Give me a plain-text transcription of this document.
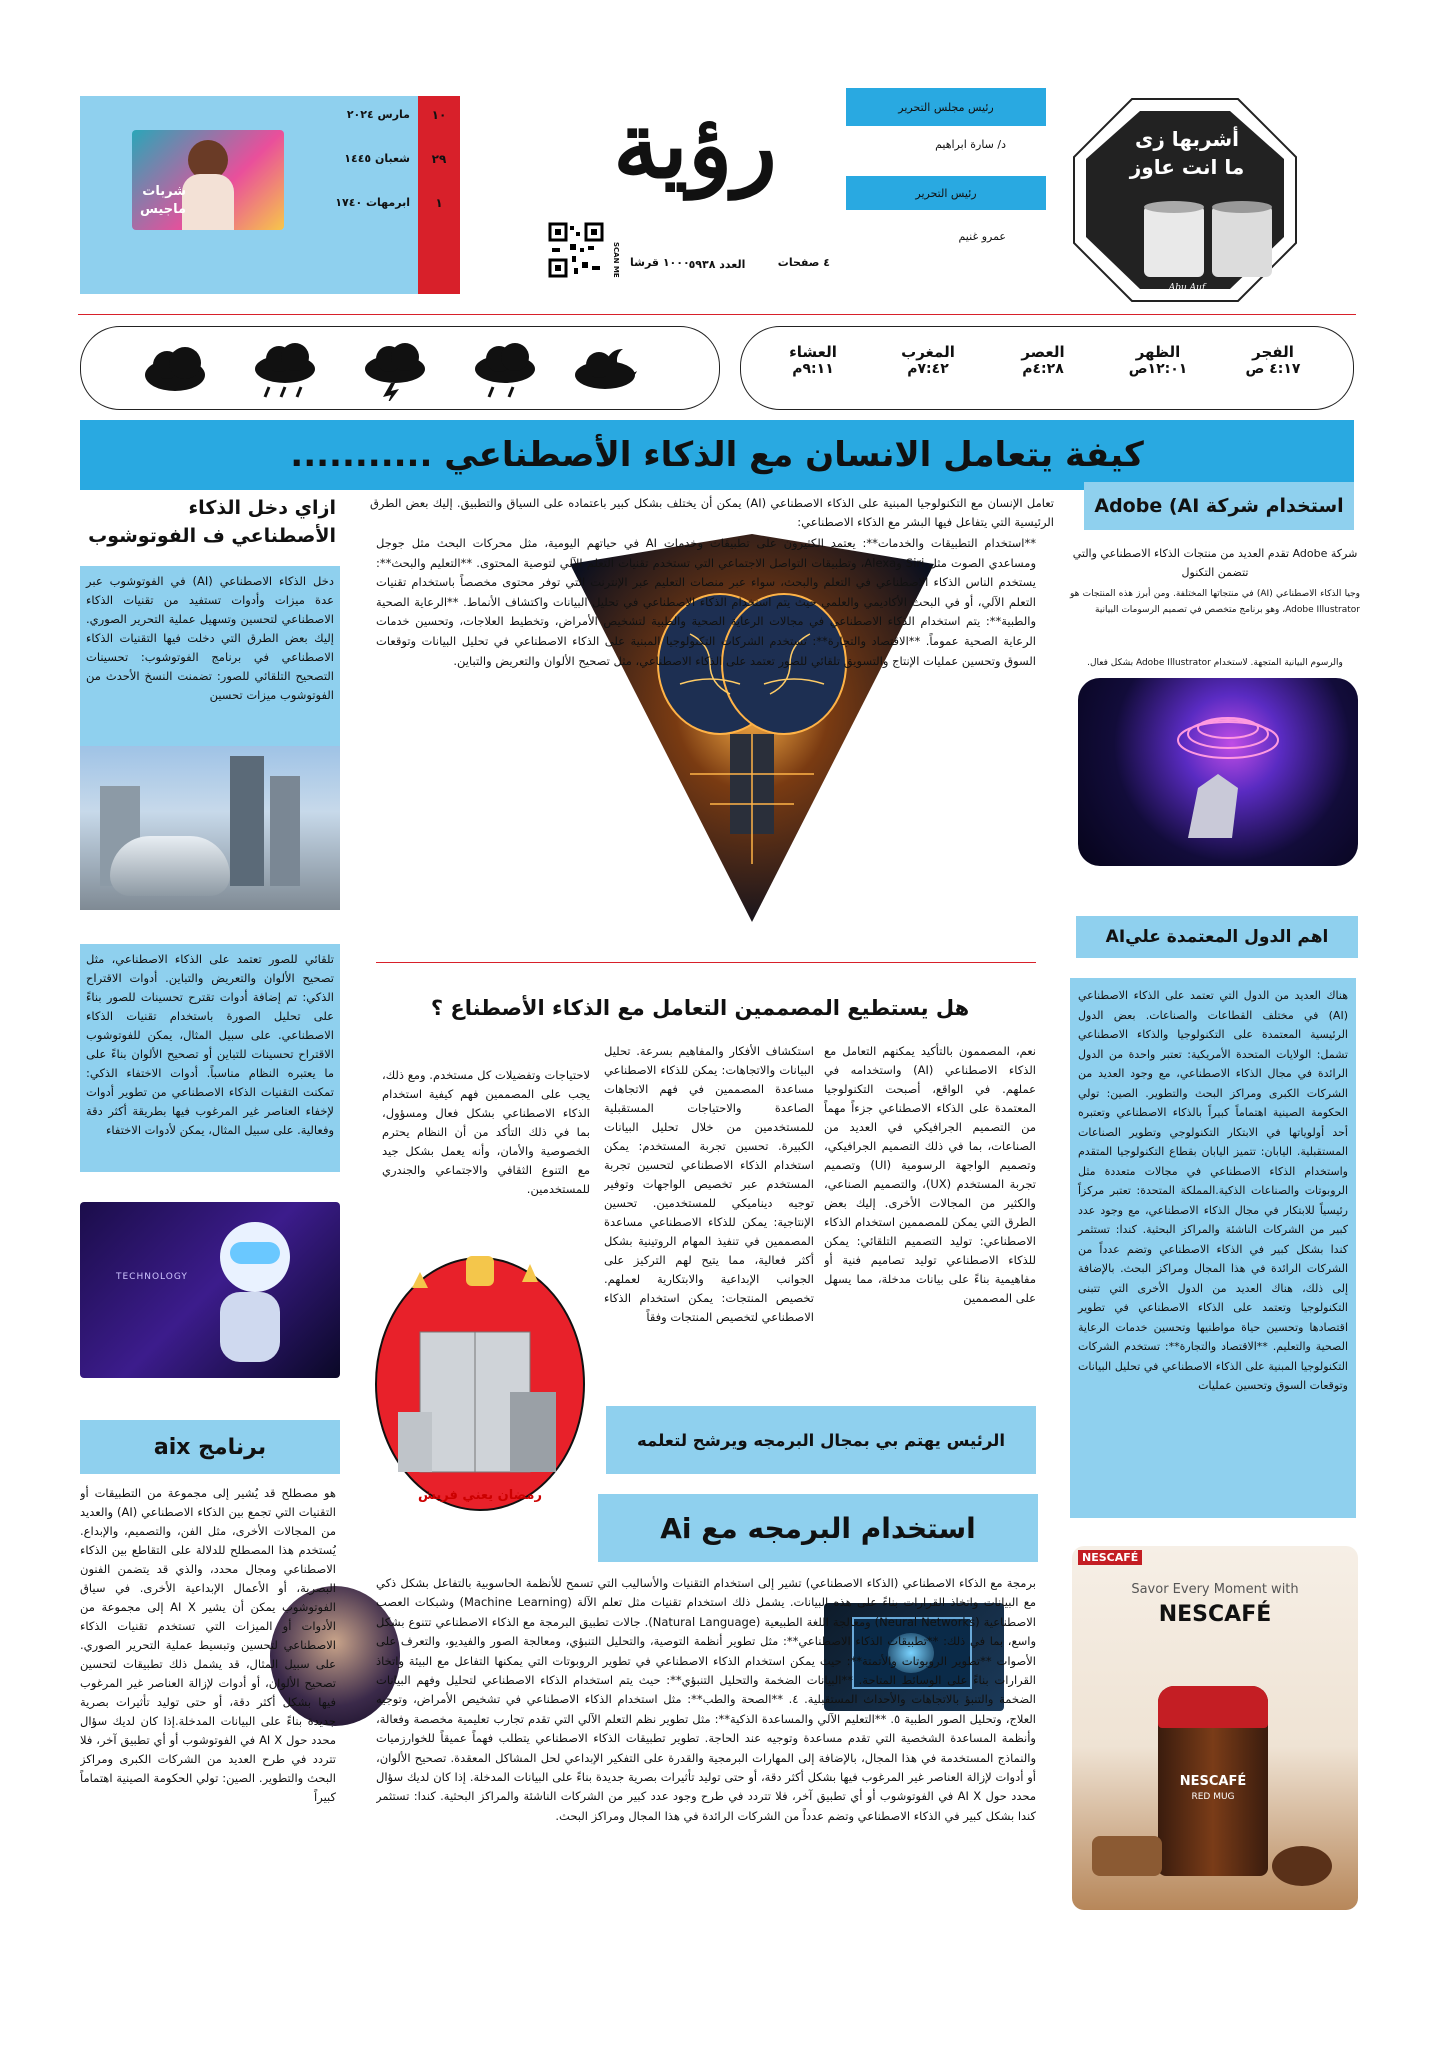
أشربها زى
ما انت عاوز
Abu Auf
رئيس مجلس التحرير
د/ سارة ابراهيم
رئيس التحرير
عمرو غنيم
رؤية
SCAN ME	٤ صفحات
١٠٠٠ قرشا
العدد ٥٩٣٨
١٠
مارس ٢٠٢٤
٢٩
شعبان ١٤٤٥
١
ابرمهات ١٧٤٠
شربات
ماجيس
الفجر
٤:١٧ ص
الظهر
١٢:٠١ص
العصر
٤:٢٨م
المغرب
٧:٤٢م
العشاء
٩:١١م
كيفة يتعامل الانسان مع الذكاء الأصطناعي ...........
استخدام شركة Adobe (AI
شركة Adobe تقدم العديد من منتجات الذكاء الاصطناعي والتي تتضمن التكنول
وجيا الذكاء الاصطناعي (AI) في منتجاتها المختلفة. ومن أبرز هذه المنتجات هو Adobe Illustrator، وهو برنامج متخصص في تصميم الرسومات البيانية
والرسوم البيانية المتجهة. لاستخدام Adobe Illustrator بشكل فعال.
اهم الدول المعتمدة عليAI
هناك العديد من الدول التي تعتمد على الذكاء الاصطناعي (AI) في مختلف القطاعات والصناعات. بعض الدول الرئيسية المعتمدة على التكنولوجيا والذكاء الاصطناعي تشمل: الولايات المتحدة الأمريكية: تعتبر واحدة من الدول الرائدة في مجال الذكاء الاصطناعي، مع وجود العديد من الشركات الكبرى ومراكز البحث والتطوير. الصين: تولي الحكومة الصينية اهتماماً كبيراً بالذكاء الاصطناعي وتعتبره أحد أولوياتها في الابتكار التكنولوجي وتطوير الصناعات المستقبلية. اليابان: تتميز اليابان بقطاع التكنولوجيا المتقدم واستخدام الذكاء الاصطناعي في مجالات متعددة مثل الروبوتات والصناعات الذكية.المملكة المتحدة: تعتبر مركزاً رئيسياً للابتكار في مجال الذكاء الاصطناعي، مع وجود عدد كبير من الشركات الناشئة والمراكز البحثية. كندا: تستثمر كندا بشكل كبير في الذكاء الاصطناعي وتضم عدداً من الشركات الرائدة في هذا المجال ومراكز البحث. بالإضافة إلى ذلك، هناك العديد من الدول الأخرى التي تتبنى التكنولوجيا وتعتمد على الذكاء الاصطناعي في تطوير اقتصادها وتحسين حياة مواطنيها وتحسين خدمات الرعاية الصحية والتعليم. **الاقتصاد والتجارة**: تستخدم الشركات التكنولوجيا المبنية على الذكاء الاصطناعي في تحليل البيانات وتوقعات السوق وتحسين عمليات
NESCAFÉ
Savor Every Moment with
NESCAFÉ
NESCAFÉ
RED MUG
تعامل الإنسان مع التكنولوجيا المبنية على الذكاء الاصطناعي (AI) يمكن أن يختلف بشكل كبير باعتماده على السياق والتطبيق. إليك بعض الطرق الرئيسية التي يتفاعل فيها البشر مع الذكاء الاصطناعي:
**استخدام التطبيقات والخدمات**: يعتمد الكثيرون على تطبيقات وخدمات AI في حياتهم اليومية، مثل محركات البحث مثل جوجل ومساعدي الصوت مثل Siri وAlexa، وتطبيقات التواصل الاجتماعي التي تستخدم تقنيات التعلم الآلي لتوصية المحتوى. **التعليم والبحث**: يستخدم الناس الذكاء الاصطناعي في التعلم والبحث، سواء عبر منصات التعليم عبر الإنترنت التي توفر محتوى مخصصاً باستخدام تقنيات التعلم الآلي، أو في البحث الأكاديمي والعلمي حيث يتم استخدام الذكاء الاصطناعي في تحليل البيانات واكتشاف الأنماط. **الرعاية الصحية والطبية**: يتم استخدام الذكاء الاصطناعي في مجالات الرعاية الصحية والطبية لتشخيص الأمراض، وتخطيط العلاجات، وتحسين خدمات الرعاية الصحية عموماً. **الاقتصاد والتجارة**: تستخدم الشركات التكنولوجيا المبنية على الذكاء الاصطناعي في تحليل البيانات وتوقعات السوق وتحسين عمليات الإنتاج والتسويق تلقائي للصور تعتمد على الذكاء الاصطناعي، مثل تصحيح الألوان والتعريض والتباين.
هل يستطيع المصممين التعامل مع الذكاء الأصطناع ؟
نعم، المصممون بالتأكيد يمكنهم التعامل مع الذكاء الاصطناعي (AI) واستخدامه في عملهم. في الواقع، أصبحت التكنولوجيا المعتمدة على الذكاء الاصطناعي جزءاً مهماً من التصميم الجرافيكي في العديد من الصناعات، بما في ذلك التصميم الجرافيكي، وتصميم الواجهة الرسومية (UI) وتصميم تجربة المستخدم (UX)، والتصميم الصناعي، والكثير من المجالات الأخرى. إليك بعض الطرق التي يمكن للمصممين استخدام الذكاء الاصطناعي: توليد التصميم التلقائي: يمكن للذكاء الاصطناعي توليد تصاميم فنية أو مفاهيمية بناءً على بيانات مدخلة، مما يسهل على المصممين
استكشاف الأفكار والمفاهيم بسرعة. تحليل البيانات والاتجاهات: يمكن للذكاء الاصطناعي مساعدة المصممين في فهم الاتجاهات الصاعدة والاحتياجات المستقبلية للمستخدمين من خلال تحليل البيانات الكبيرة. تحسين تجربة المستخدم: يمكن استخدام الذكاء الاصطناعي لتحسين تجربة المستخدم عبر تخصيص الواجهات وتوفير توجيه ديناميكي للمستخدمين. تحسين الإنتاجية: يمكن للذكاء الاصطناعي مساعدة المصممين في تنفيذ المهام الروتينية بشكل أكثر فعالية، مما يتيح لهم التركيز على الجوانب الإبداعية والابتكارية لعملهم. تخصيص المنتجات: يمكن استخدام الذكاء الاصطناعي لتخصيص المنتجات وفقاً
لاحتياجات وتفضيلات كل مستخدم. ومع ذلك، يجب على المصممين فهم كيفية استخدام الذكاء الاصطناعي بشكل فعال ومسؤول، بما في ذلك التأكد من أن النظام يحترم الخصوصية والأمان، وأنه يعمل بشكل جيد مع التنوع الثقافي والاجتماعي والجندري للمستخدمين.
رمضان يعني فريش
الرئيس يهتم بي بمجال البرمجه ويرشح لتعلمه
استخدام البرمجه مع Ai
برمجة مع الذكاء الاصطناعي (الذكاء الاصطناعي) تشير إلى استخدام التقنيات والأساليب التي تسمح للأنظمة الحاسوبية بالتفاعل بشكل ذكي مع البيانات واتخاذ القرارات بناءً على هذه البيانات. يشمل ذلك استخدام تقنيات مثل تعلم الآلة (Machine Learning) وشبكات العصب الاصطناعية (Neural Networks) ومعالجة اللغة الطبيعية (Natural Language). جالات تطبيق البرمجة مع الذكاء الاصطناعي تتنوع بشكل واسع، بما في ذلك: **تطبيقات الذكاء الاصطناعي**: مثل تطوير أنظمة التوصية، والتحليل التنبؤي، ومعالجة الصور والفيديو، والتعرف على الأصوات **تطوير الروبوتات والأتمتة**: حيث يمكن استخدام الذكاء الاصطناعي في تطوير الروبوتات التي يمكنها التفاعل مع البيئة واتخاذ القرارات بناءً على الوسائط المتاحة. **البيانات الضخمة والتحليل التنبؤي**: حيث يتم استخدام الذكاء الاصطناعي لتحليل وفهم البيانات الضخمة والتنبؤ بالاتجاهات والأحداث المستقبلية. ٤. **الصحة والطب**: مثل استخدام الذكاء الاصطناعي في تشخيص الأمراض، وتوجيه العلاج، وتحليل الصور الطبية ٥. **التعليم الآلي والمساعدة الذكية**: مثل تطوير نظم التعلم الآلي التي تقدم تجارب تعليمية مخصصة وفعالة، وأنظمة المساعدة الشخصية التي تقدم مساعدة وتوجيه عند الحاجة. تطوير تطبيقات الذكاء الاصطناعي يتطلب فهماً عميقاً للخوارزميات والنماذج المستخدمة في هذا المجال، بالإضافة إلى المهارات البرمجية والقدرة على التفكير الإبداعي لحل المشاكل المعقدة. تصحيح الألوان، أو أدوات لإزالة العناصر غير المرغوب فيها بشكل أكثر دقة، أو حتى توليد تأثيرات بصرية جديدة بناءً على البيانات المدخلة. إذا كان لديك سؤال محدد حول AI X في الفوتوشوب أو أي تطبيق آخر، فلا تتردد في طرح وجود عدد كبير من الشركات الناشئة والمراكز البحثية. كندا: تستثمر كندا بشكل كبير في الذكاء الاصطناعي وتضم عدداً من الشركات الرائدة في هذا المجال ومراكز البحث.
ازاي دخل الذكاء الأصطناعي ف الفوتوشوب
دخل الذكاء الاصطناعي (AI) في الفوتوشوب عبر عدة ميزات وأدوات تستفيد من تقنيات الذكاء الاصطناعي لتحسين وتسهيل عملية التحرير الصوري. إليك بعض الطرق التي دخلت فيها التقنيات الذكاء الاصطناعي في برنامج الفوتوشوب: تحسينات التصحيح التلقائي للصور: تضمنت النسخ الأحدث من الفوتوشوب ميزات تحسين
تلقائي للصور تعتمد على الذكاء الاصطناعي، مثل تصحيح الألوان والتعريض والتباين. أدوات الاقتراح الذكي: تم إضافة أدوات تقترح تحسينات للصور بناءً على تحليل الصورة باستخدام تقنيات الذكاء الاصطناعي. على سبيل المثال، يمكن للفوتوشوب الاقتراح تحسينات للتباين أو تصحيح الألوان بناءً على ما يعتبره النظام مناسباً. أدوات الاختفاء الذكي: تمكنت التقنيات الذكاء الاصطناعي من تطوير أدوات لإخفاء العناصر غير المرغوب فيها بطريقة أكثر دقة وفعالية. على سبيل المثال، يمكن لأدوات الاختفاء
TECHNOLOGY
برنامج aix
هو مصطلح قد يُشير إلى مجموعة من التطبيقات أو التقنيات التي تجمع بين الذكاء الاصطناعي (AI) والعديد من المجالات الأخرى، مثل الفن، والتصميم، والإبداع. يُستخدم هذا المصطلح للدلالة على التقاطع بين الذكاء الاصطناعي ومجال محدد، والذي قد يتضمن الفنون البصرية، أو الأعمال الإبداعية الأخرى. في سياق الفوتوشوب يمكن أن يشير AI X إلى مجموعة من الأدوات أو الميزات التي تستخدم تقنيات الذكاء الاصطناعي لتحسين وتبسيط عملية التحرير الصوري. على سبيل المثال، قد يشمل ذلك تطبيقات لتحسين تصحيح الألوان، أو أدوات لإزالة العناصر غير المرغوب فيها بشكل أكثر دقة، أو حتى توليد تأثيرات بصرية جديدة بناءً على البيانات المدخلة.إذا كان لديك سؤال محدد حول AI X في الفوتوشوب أو أي تطبيق آخر، فلا تتردد في طرح العديد من الشركات الكبرى ومراكز البحث والتطوير. الصين: تولي الحكومة الصينية اهتماماً كبيراً
